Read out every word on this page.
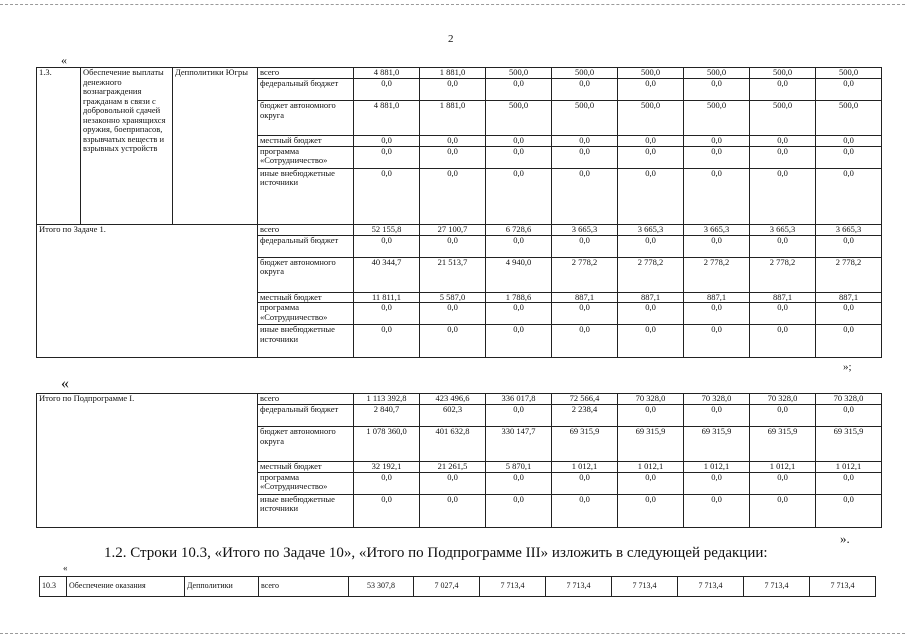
2
«
1.3.	Обеспечение выплаты денежного вознаграждения гражданам в связи с добровольной сдачей незаконно хранящихся оружия, боеприпасов, взрывчатых веществ и взрывных устройств	Депполитики Югры	всего	4 881,0	1 881,0	500,0	500,0	500,0	500,0	500,0	500,0
			федеральный бюджет	0,0	0,0	0,0	0,0	0,0	0,0	0,0	0,0
			бюджет автономного округа	4 881,0	1 881,0	500,0	500,0	500,0	500,0	500,0	500,0
			местный бюджет	0,0	0,0	0,0	0,0	0,0	0,0	0,0	0,0
			программа «Сотрудничество»	0,0	0,0	0,0	0,0	0,0	0,0	0,0	0,0
			иные внебюджетные источники	0,0	0,0	0,0	0,0	0,0	0,0	0,0	0,0
Итого по Задаче 1.			всего	52 155,8	27 100,7	6 728,6	3 665,3	3 665,3	3 665,3	3 665,3	3 665,3
			федеральный бюджет	0,0	0,0	0,0	0,0	0,0	0,0	0,0	0,0
			бюджет автономного округа	40 344,7	21 513,7	4 940,0	2 778,2	2 778,2	2 778,2	2 778,2	2 778,2
			местный бюджет	11 811,1	5 587,0	1 788,6	887,1	887,1	887,1	887,1	887,1
			программа «Сотрудничество»	0,0	0,0	0,0	0,0	0,0	0,0	0,0	0,0
			иные внебюджетные источники	0,0	0,0	0,0	0,0	0,0	0,0	0,0	0,0
»;
«
Итого по Подпрограмме I.	всего	1 113 392,8	423 496,6	336 017,8	72 566,4	70 328,0	70 328,0	70 328,0	70 328,0
	федеральный бюджет	2 840,7	602,3	0,0	2 238,4	0,0	0,0	0,0	0,0
	бюджет автономного округа	1 078 360,0	401 632,8	330 147,7	69 315,9	69 315,9	69 315,9	69 315,9	69 315,9
	местный бюджет	32 192,1	21 261,5	5 870,1	1 012,1	1 012,1	1 012,1	1 012,1	1 012,1
	программа «Сотрудничество»	0,0	0,0	0,0	0,0	0,0	0,0	0,0	0,0
	иные внебюджетные источники	0,0	0,0	0,0	0,0	0,0	0,0	0,0	0,0
».
1.2. Строки 10.3, «Итого по Задаче 10», «Итого по Подпрограмме III» изложить в следующей редакции:
«
10.3	Обеспечение оказания	Депполитики	всего	53 307,8	7 027,4	7 713,4	7 713,4	7 713,4	7 713,4	7 713,4	7 713,4
